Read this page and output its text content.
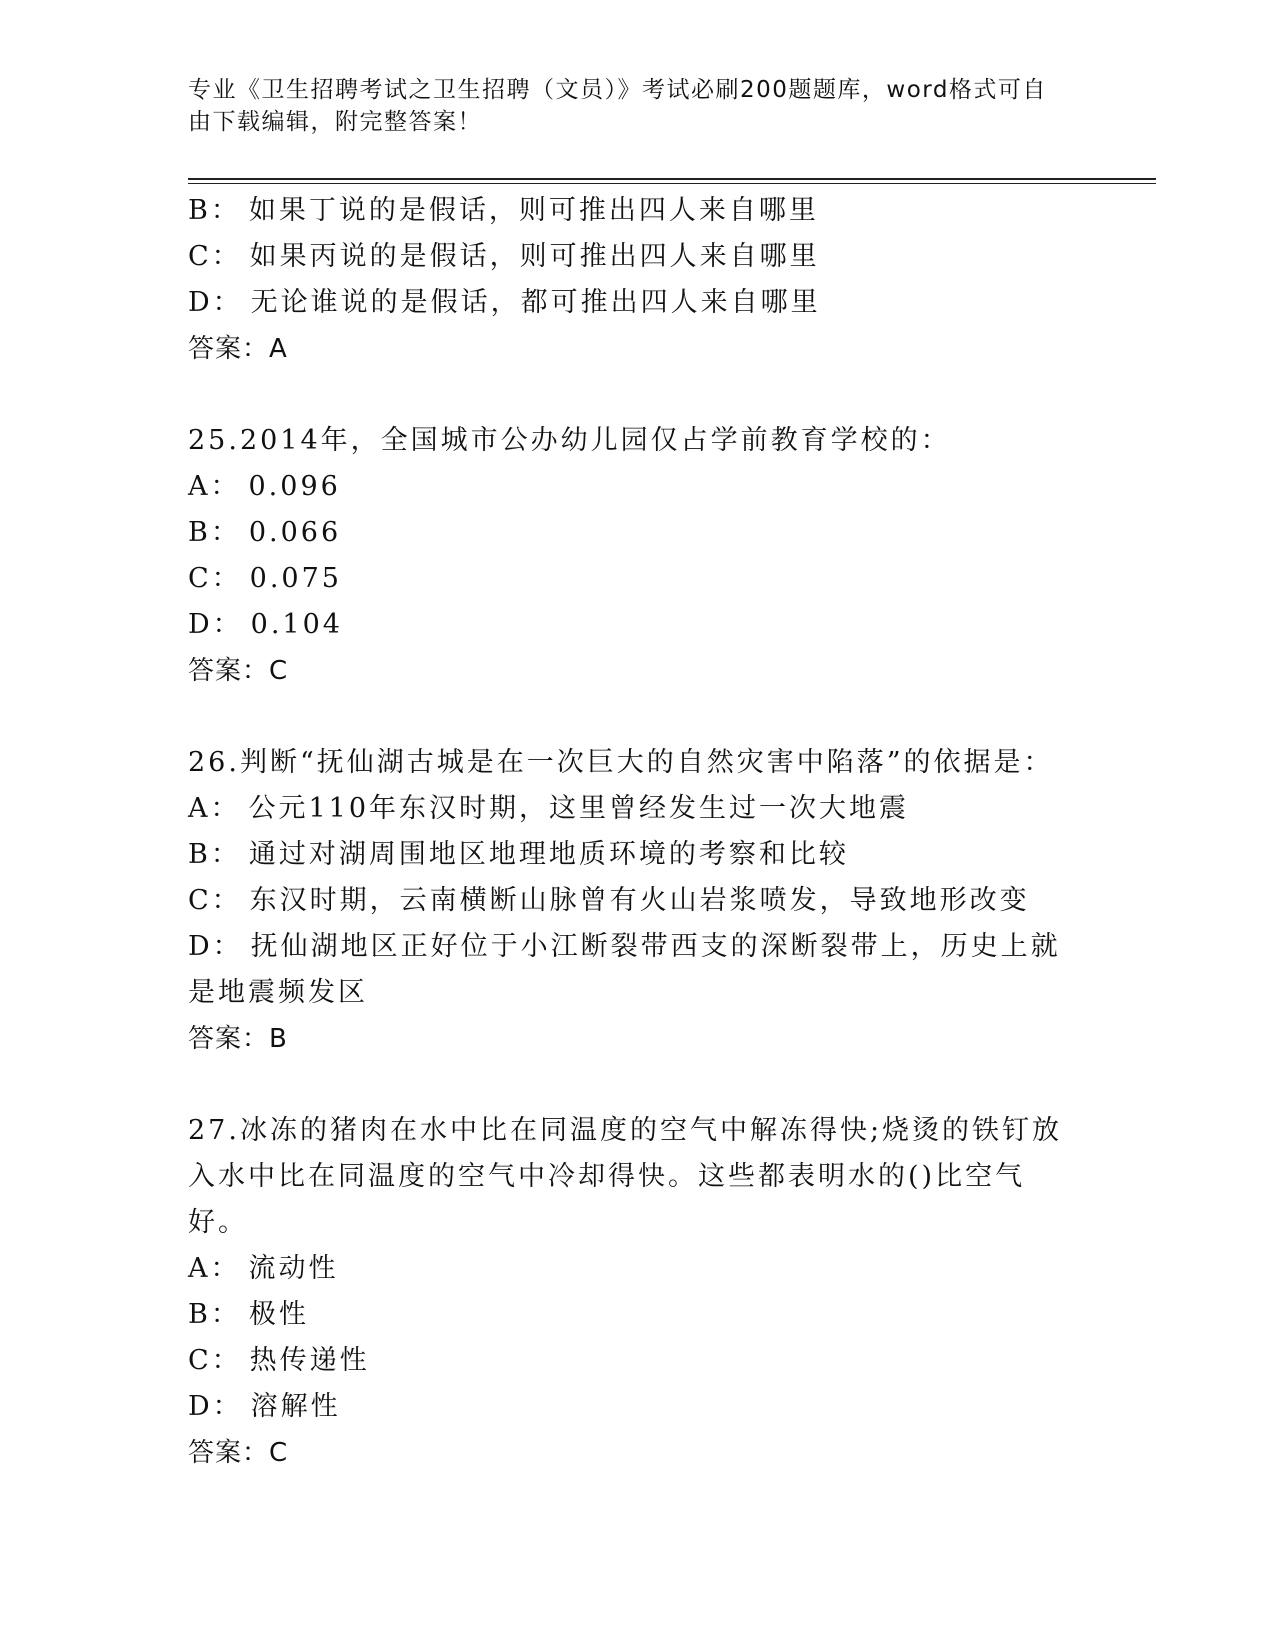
专业《卫生招聘考试之卫生招聘（文员）》考试必刷200题题库，word格式可自
由下载编辑，附完整答案！

B： 如果丁说的是假话，则可推出四人来自哪里

C： 如果丙说的是假话，则可推出四人来自哪里

D： 无论谁说的是假话，都可推出四人来自哪里

答案：A

25.2014年，全国城市公办幼儿园仅占学前教育学校的：

A： 0.096

B： 0.066

C： 0.075

D： 0.104

答案：C

26.判断“抚仙湖古城是在一次巨大的自然灾害中陷落”的依据是：

A： 公元110年东汉时期，这里曾经发生过一次大地震

B： 通过对湖周围地区地理地质环境的考察和比较

C： 东汉时期，云南横断山脉曾有火山岩浆喷发，导致地形改变

D： 抚仙湖地区正好位于小江断裂带西支的深断裂带上，历史上就是地震频发区

答案：B

27.冰冻的猪肉在水中比在同温度的空气中解冻得快;烧烫的铁钉放入水中比在同温度的空气中冷却得快。这些都表明水的()比空气好。

A： 流动性

B： 极性

C： 热传递性

D： 溶解性

答案：C
